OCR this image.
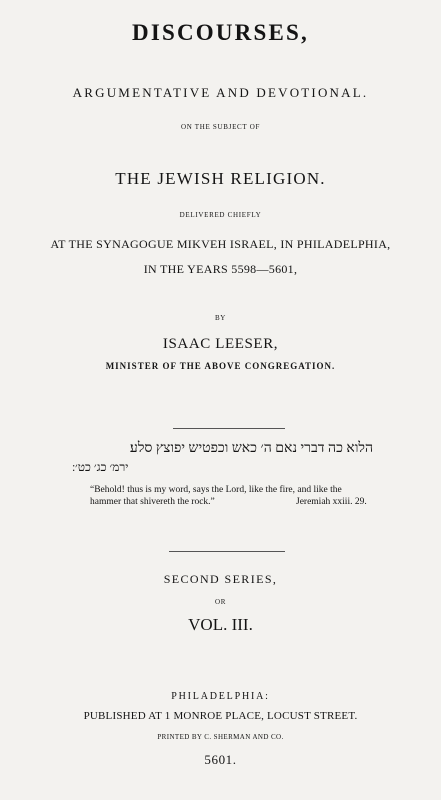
DISCOURSES,
ARGUMENTATIVE AND DEVOTIONAL.
ON THE SUBJECT OF
THE JEWISH RELIGION.
DELIVERED CHIEFLY
AT THE SYNAGOGUE MIKVEH ISRAEL, IN PHILADELPHIA,
IN THE YEARS 5598—5601,
BY
ISAAC LEESER,
MINISTER OF THE ABOVE CONGREGATION.
הלוא כה דברי נאם ה׳ כאש וכפטיש יפוצץ סלע׃
ירמ׳ כג׳ כט׳ ׃
“Behold! thus is my word, says the Lord, like the fire, and like the
hammer that shivereth the rock.”	Jeremiah xxiii. 29.
SECOND SERIES,
OR
VOL. III.
PHILADELPHIA:
PUBLISHED AT 1 MONROE PLACE, LOCUST STREET.
PRINTED BY C. SHERMAN AND CO.
5601.
